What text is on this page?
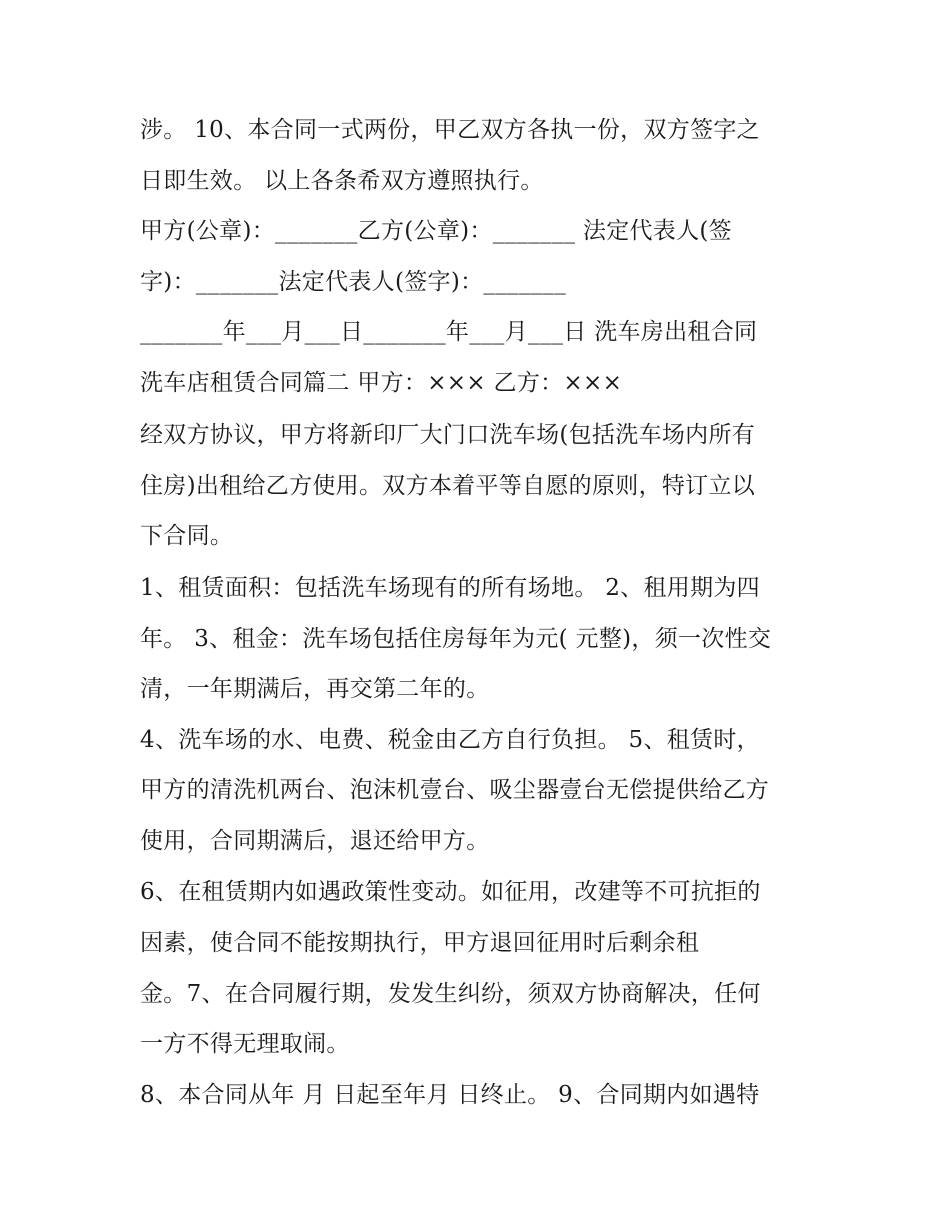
涉。 10、本合同一式两份，甲乙双方各执一份，双方签字之
日即生效。 以上各条希双方遵照执行。
甲方(公章)：_______乙方(公章)：_______ 法定代表人(签
字)：_______法定代表人(签字)：_______
_______年___月___日_______年___月___日 洗车房出租合同
洗车店租赁合同篇二 甲方：××× 乙方：×××
经双方协议，甲方将新印厂大门口洗车场(包括洗车场内所有
住房)出租给乙方使用。双方本着平等自愿的原则，特订立以
下合同。
1、租赁面积：包括洗车场现有的所有场地。 2、租用期为四
年。 3、租金：洗车场包括住房每年为元( 元整)，须一次性交
清，一年期满后，再交第二年的。
4、洗车场的水、电费、税金由乙方自行负担。 5、租赁时，
甲方的清洗机两台、泡沫机壹台、吸尘器壹台无偿提供给乙方
使用，合同期满后，退还给甲方。
6、在租赁期内如遇政策性变动。如征用，改建等不可抗拒的
因素，使合同不能按期执行，甲方退回征用时后剩余租
金。7、在合同履行期，发发生纠纷，须双方协商解决，任何
一方不得无理取闹。
8、本合同从年 月 日起至年月 日终止。 9、合同期内如遇特
